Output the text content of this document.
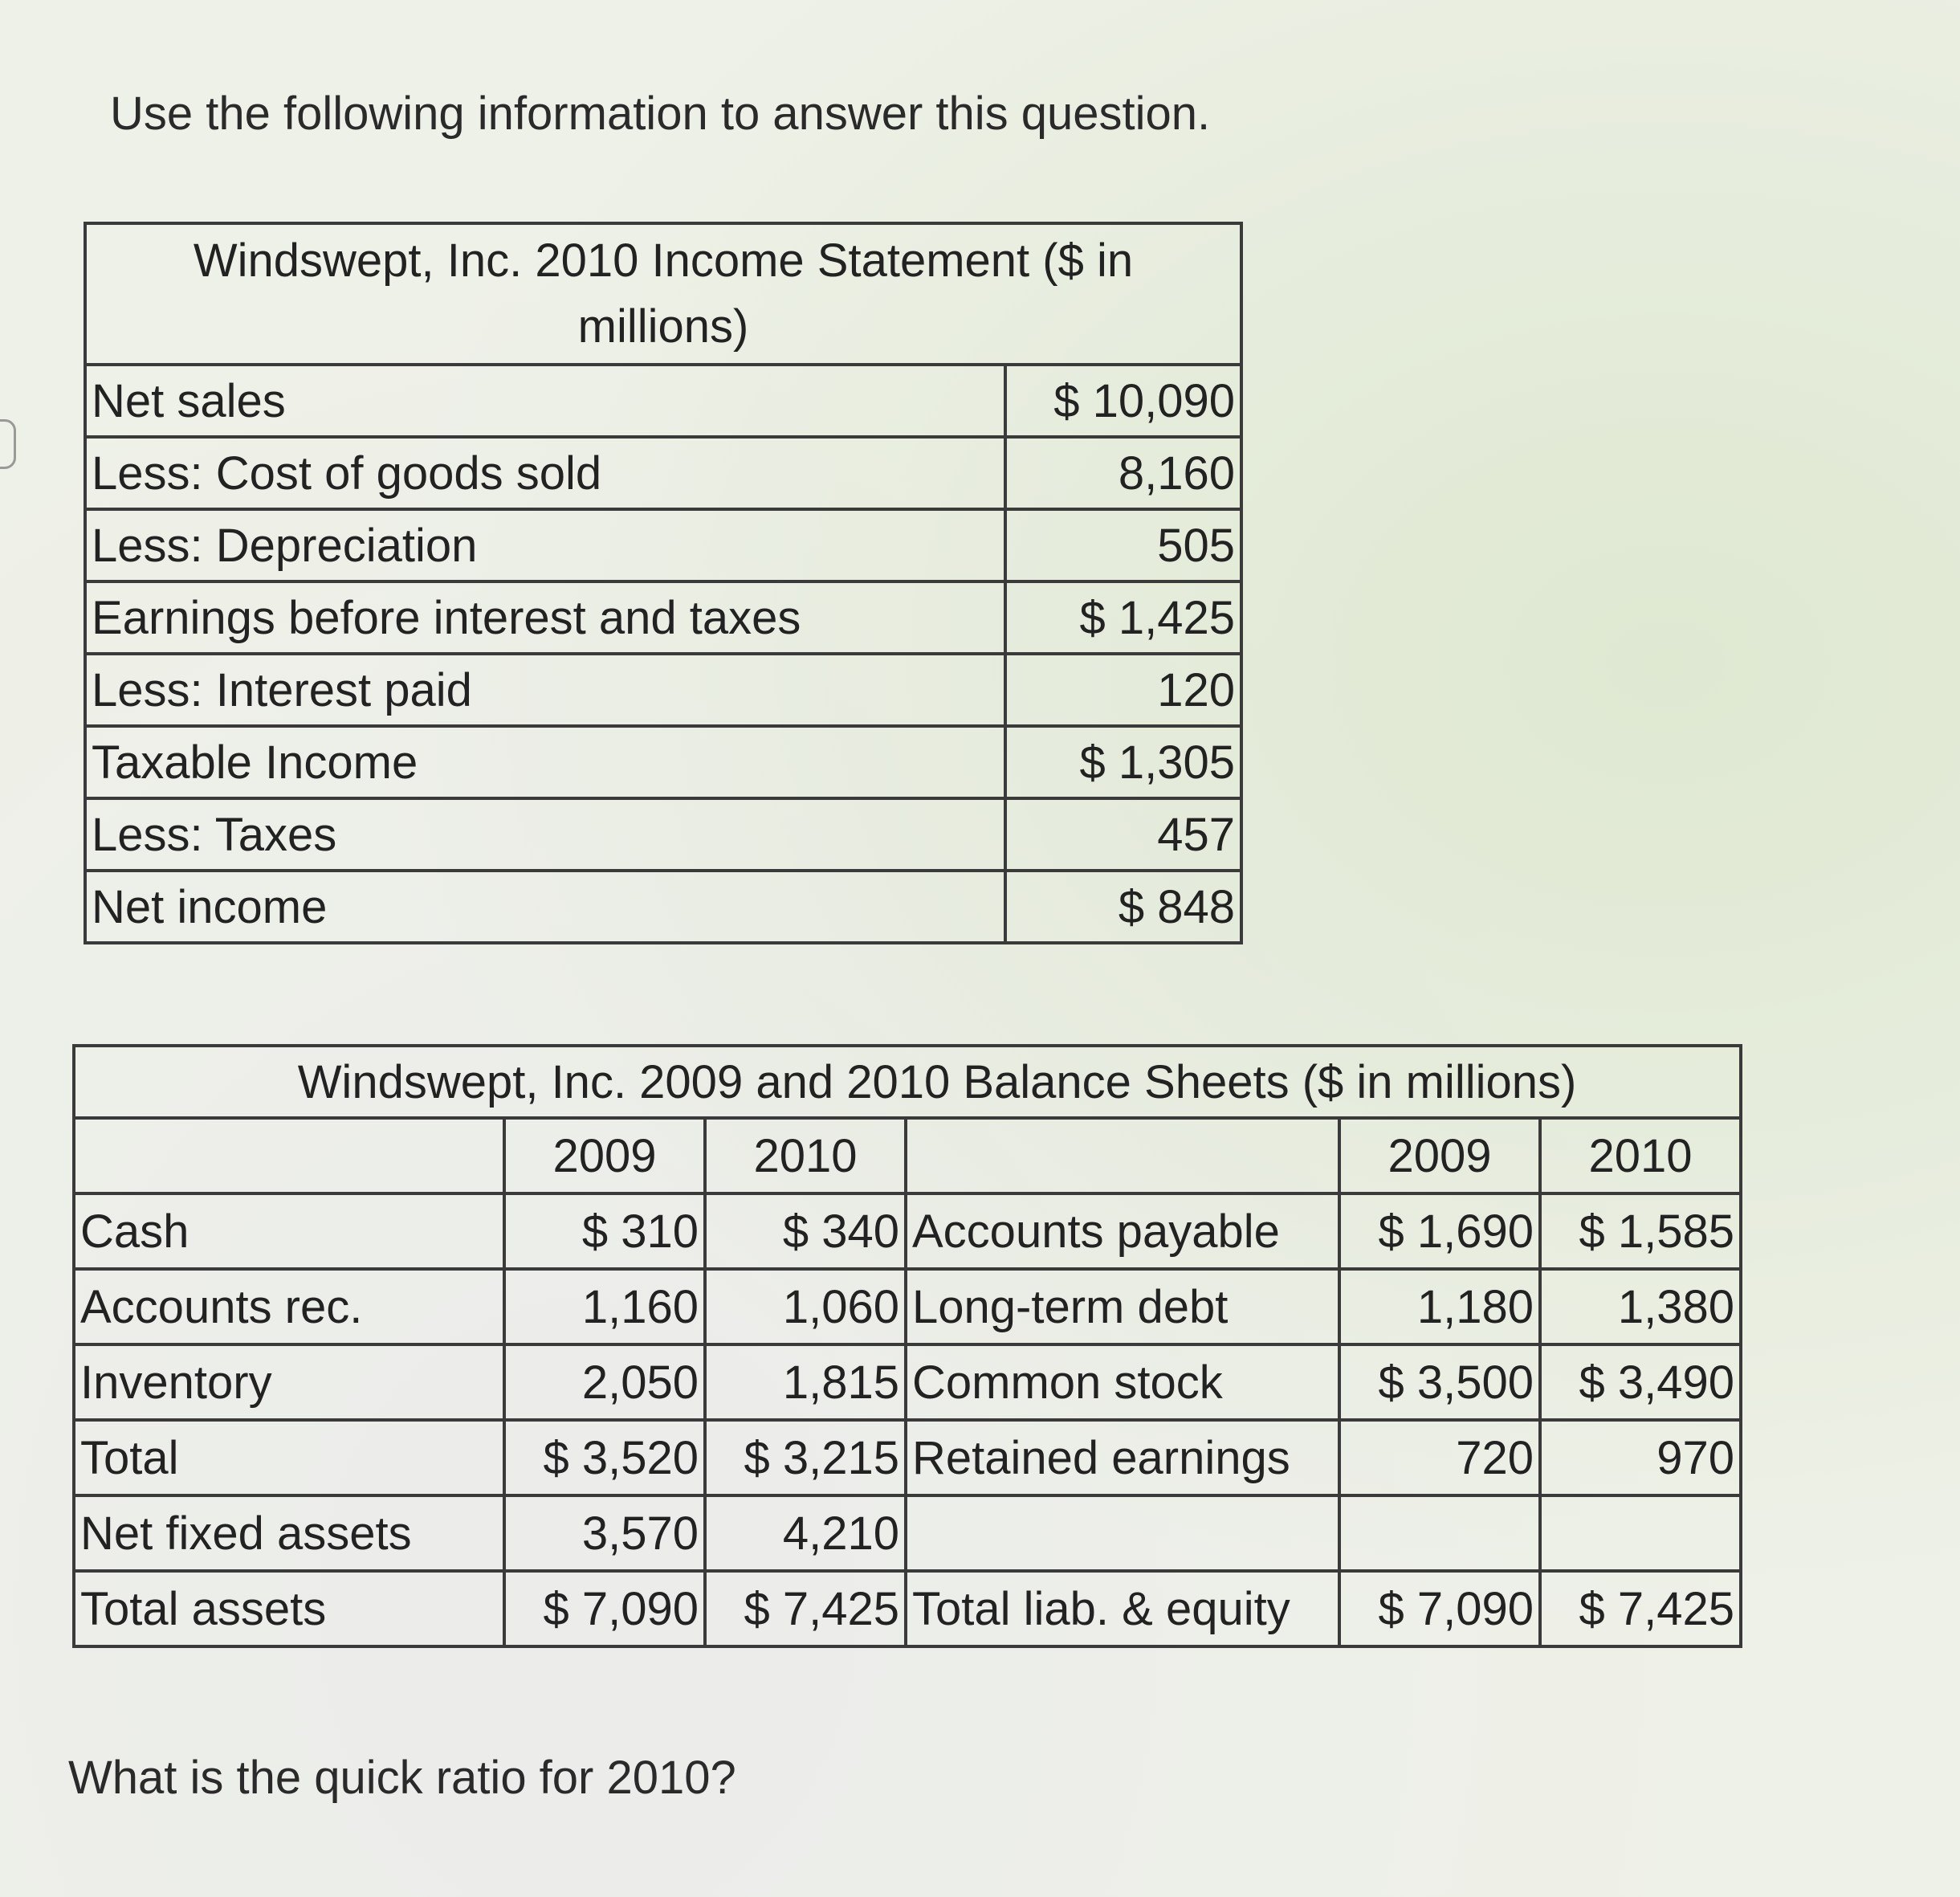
Use the following information to answer this question.
Windswept, Inc. 2010 Income Statement ($ in millions)	
Net sales	$ 10,090
Less: Cost of goods sold	8,160
Less: Depreciation	505
Earnings before interest and taxes	$ 1,425
Less: Interest paid	120
Taxable Income	$ 1,305
Less: Taxes	457
Net income	$ 848
Windswept, Inc. 2009 and 2010 Balance Sheets ($ in millions)					
	2009	2010		2009	2010
Cash	$ 310	$ 340	Accounts payable	$ 1,690	$ 1,585
Accounts rec.	1,160	1,060	Long-term debt	1,180	1,380
Inventory	2,050	1,815	Common stock	$ 3,500	$ 3,490
Total	$ 3,520	$ 3,215	Retained earnings	720	970
Net fixed assets	3,570	4,210			
Total assets	$ 7,090	$ 7,425	Total liab. & equity	$ 7,090	$ 7,425
What is the quick ratio for 2010?
